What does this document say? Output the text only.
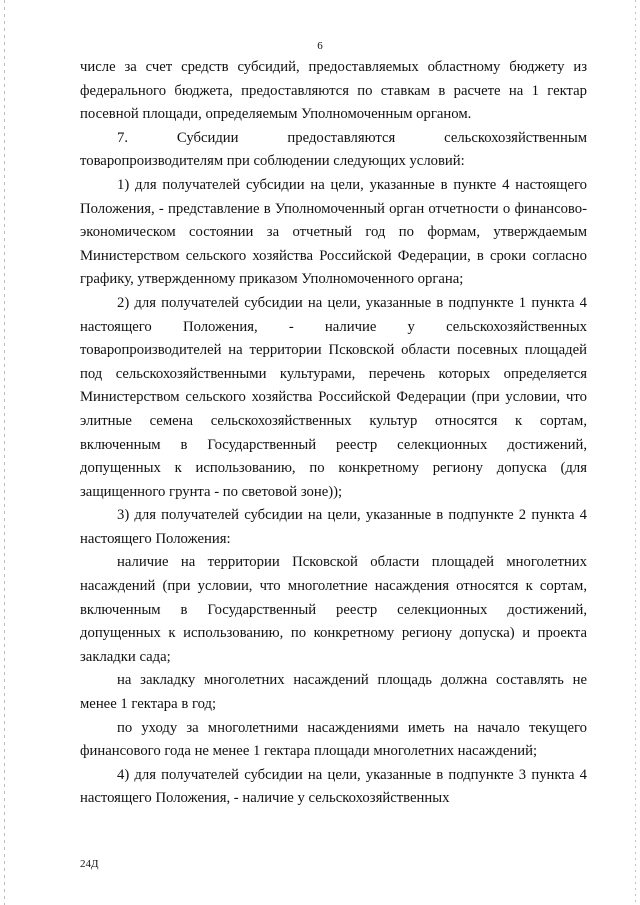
6

числе за счет средств субсидий, предоставляемых областному бюджету из федерального бюджета, предоставляются по ставкам в расчете на 1 гектар посевной площади, определяемым Уполномоченным органом.

7. Субсидии предоставляются сельскохозяйственным товаропроизводителям при соблюдении следующих условий:

1) для получателей субсидии на цели, указанные в пункте 4 настоящего Положения, - представление в Уполномоченный орган отчетности о финансово-экономическом состоянии за отчетный год по формам, утверждаемым Министерством сельского хозяйства Российской Федерации, в сроки согласно графику, утвержденному приказом Уполномоченного органа;

2) для получателей субсидии на цели, указанные в подпункте 1 пункта 4 настоящего Положения, - наличие у сельскохозяйственных товаропроизводителей на территории Псковской области посевных площадей под сельскохозяйственными культурами, перечень которых определяется Министерством сельского хозяйства Российской Федерации (при условии, что элитные семена сельскохозяйственных культур относятся к сортам, включенным в Государственный реестр селекционных достижений, допущенных к использованию, по конкретному региону допуска (для защищенного грунта - по световой зоне));

3) для получателей субсидии на цели, указанные в подпункте 2 пункта 4 настоящего Положения:

наличие на территории Псковской области площадей многолетних насаждений (при условии, что многолетние насаждения относятся к сортам, включенным в Государственный реестр селекционных достижений, допущенных к использованию, по конкретному региону допуска) и проекта закладки сада;

на закладку многолетних насаждений площадь должна составлять не менее 1 гектара в год;

по уходу за многолетними насаждениями иметь на начало текущего финансового года не менее 1 гектара площади многолетних насаждений;

4) для получателей субсидии на цели, указанные в подпункте 3 пункта 4 настоящего Положения, - наличие у сельскохозяйственных

24Д
